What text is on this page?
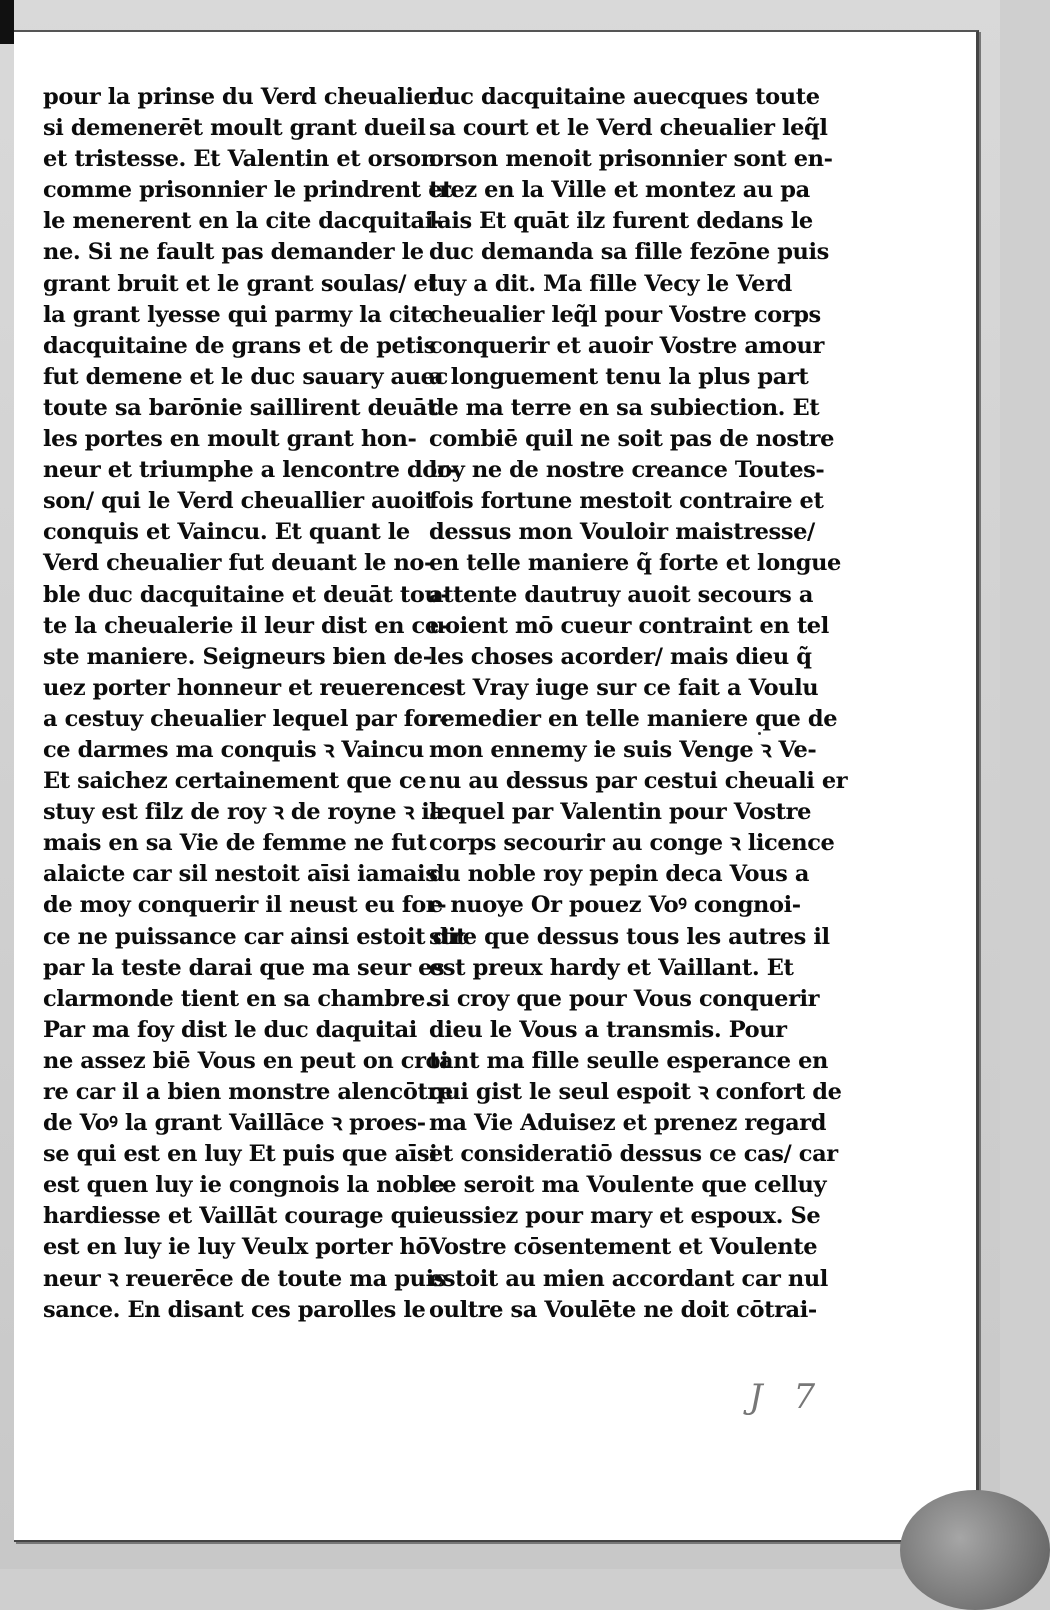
pour la prinse du Verd cheualier
si demenerēt moult grant dueil
et tristesse. Et Valentin et orson
comme prisonnier le prindrent et
le menerent en la cite dacquitai-
ne. Si ne fault pas demander le
grant bruit et le grant soulas/ et
la grant lyesse qui parmy la cite
dacquitaine de grans et de petis
fut demene et le duc sauary auec
toute sa barōnie saillirent deuāt
les portes en moult grant hon-
neur et triumphe a lencontre dor-
son/ qui le Verd cheuallier auoit
conquis et Vaincu. Et quant le
Verd cheualier fut deuant le no-
ble duc dacquitaine et deuāt tou-
te la cheualerie il leur dist en ce-
ste maniere. Seigneurs bien de-
uez porter honneur et reuerence
a cestuy cheualier lequel par for-
ce darmes ma conquis ꝛ Vaincu
Et saichez certainement que ce
stuy est filz de roy ꝛ de royne ꝛ ia
mais en sa Vie de femme ne fut
alaicte car sil nestoit aīsi iamais
de moy conquerir il neust eu for-
ce ne puissance car ainsi estoit dit
par la teste darai que ma seur es
clarmonde tient en sa chambre.
Par ma foy dist le duc daquitai
ne assez biē Vous en peut on croi
re car il a bien monstre alencōtre
de Voꝰ la grant Vaillāce ꝛ proes-
se qui est en luy Et puis que aīsi
est quen luy ie congnois la noble
hardiesse et Vaillāt courage qui
est en luy ie luy Veulx porter hō
neur ꝛ reuerēce de toute ma puis
sance. En disant ces parolles le
duc dacquitaine auecques toute
sa court et le Verd cheualier leq̃l
orson menoit prisonnier sont en-
trez en la Ville et montez au pa
lais Et quāt ilz furent dedans le
duc demanda sa fille fezōne puis
luy a dit. Ma fille Vecy le Verd
cheualier leq̃l pour Vostre corps
conquerir et auoir Vostre amour
a longuement tenu la plus part
de ma terre en sa subiection. Et
combiē quil ne soit pas de nostre
loy ne de nostre creance Toutes-
fois fortune mestoit contraire et
dessus mon Vouloir maistresse/
en telle maniere q̃ forte et longue
attente dautruy auoit secours a
uoient mō cueur contraint en tel
les choses acorder/ mais dieu q̃
est Vray iuge sur ce fait a Voulu
remedier en telle maniere que de
mon ennemy ie suis Venge ꝛ Ve-
nu au dessus par cestui cheuali er
lequel par Valentin pour Vostre
corps secourir au conge ꝛ licence
du noble roy pepin deca Vous a
e nuoye Or pouez Voꝰ congnoi-
stre que dessus tous les autres il
est preux hardy et Vaillant. Et
si croy que pour Vous conquerir
dieu le Vous a transmis. Pour
tant ma fille seulle esperance en
qui gist le seul espoit ꝛ confort de
ma Vie Aduisez et prenez regard
et consideratiō dessus ce cas/ car
ce seroit ma Voulente que celluy
eussiez pour mary et espoux. Se
Vostre cōsentement et Voulente
estoit au mien accordant car nul
oultre sa Voulēte ne doit cōtrai-
J 7
